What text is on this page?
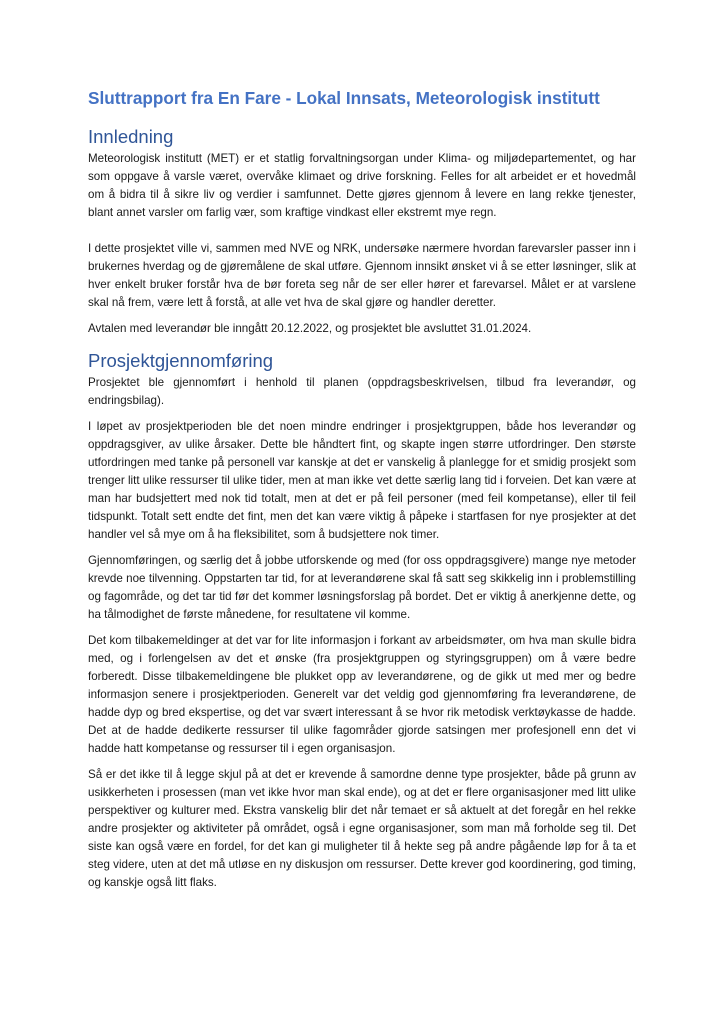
Sluttrapport fra En Fare - Lokal Innsats, Meteorologisk institutt
Innledning

Meteorologisk institutt (MET) er et statlig forvaltningsorgan under Klima- og miljødepartementet, og har som oppgave å varsle været, overvåke klimaet og drive forskning. Felles for alt arbeidet er et hovedmål om å bidra til å sikre liv og verdier i samfunnet. Dette gjøres gjennom å levere en lang rekke tjenester, blant annet varsler om farlig vær, som kraftige vindkast eller ekstremt mye regn.

I dette prosjektet ville vi, sammen med NVE og NRK, undersøke nærmere hvordan farevarsler passer inn i brukernes hverdag og de gjøremålene de skal utføre. Gjennom innsikt ønsket vi å se etter løsninger, slik at hver enkelt bruker forstår hva de bør foreta seg når de ser eller hører et farevarsel. Målet er at varslene skal nå frem, være lett å forstå, at alle vet hva de skal gjøre og handler deretter.

Avtalen med leverandør ble inngått 20.12.2022, og prosjektet ble avsluttet 31.01.2024.

Prosjektgjennomføring

Prosjektet ble gjennomført i henhold til planen (oppdragsbeskrivelsen, tilbud fra leverandør, og endringsbilag).

I løpet av prosjektperioden ble det noen mindre endringer i prosjektgruppen, både hos leverandør og oppdragsgiver, av ulike årsaker. Dette ble håndtert fint, og skapte ingen større utfordringer. Den største utfordringen med tanke på personell var kanskje at det er vanskelig å planlegge for et smidig prosjekt som trenger litt ulike ressurser til ulike tider, men at man ikke vet dette særlig lang tid i forveien. Det kan være at man har budsjettert med nok tid totalt, men at det er på feil personer (med feil kompetanse), eller til feil tidspunkt. Totalt sett endte det fint, men det kan være viktig å påpeke i startfasen for nye prosjekter at det handler vel så mye om å ha fleksibilitet, som å budsjettere nok timer.

Gjennomføringen, og særlig det å jobbe utforskende og med (for oss oppdragsgivere) mange nye metoder krevde noe tilvenning. Oppstarten tar tid, for at leverandørene skal få satt seg skikkelig inn i problemstilling og fagområde, og det tar tid før det kommer løsningsforslag på bordet. Det er viktig å anerkjenne dette, og ha tålmodighet de første månedene, for resultatene vil komme.

Det kom tilbakemeldinger at det var for lite informasjon i forkant av arbeidsmøter, om hva man skulle bidra med, og i forlengelsen av det et ønske (fra prosjektgruppen og styringsgruppen) om å være bedre forberedt. Disse tilbakemeldingene ble plukket opp av leverandørene, og de gikk ut med mer og bedre informasjon senere i prosjektperioden. Generelt var det veldig god gjennomføring fra leverandørene, de hadde dyp og bred ekspertise, og det var svært interessant å se hvor rik metodisk verktøykasse de hadde. Det at de hadde dedikerte ressurser til ulike fagområder gjorde satsingen mer profesjonell enn det vi hadde hatt kompetanse og ressurser til i egen organisasjon.

Så er det ikke til å legge skjul på at det er krevende å samordne denne type prosjekter, både på grunn av usikkerheten i prosessen (man vet ikke hvor man skal ende), og at det er flere organisasjoner med litt ulike perspektiver og kulturer med. Ekstra vanskelig blir det når temaet er så aktuelt at det foregår en hel rekke andre prosjekter og aktiviteter på området, også i egne organisasjoner, som man må forholde seg til. Det siste kan også være en fordel, for det kan gi muligheter til å hekte seg på andre pågående løp for å ta et steg videre, uten at det må utløse en ny diskusjon om ressurser. Dette krever god koordinering, god timing, og kanskje også litt flaks.
